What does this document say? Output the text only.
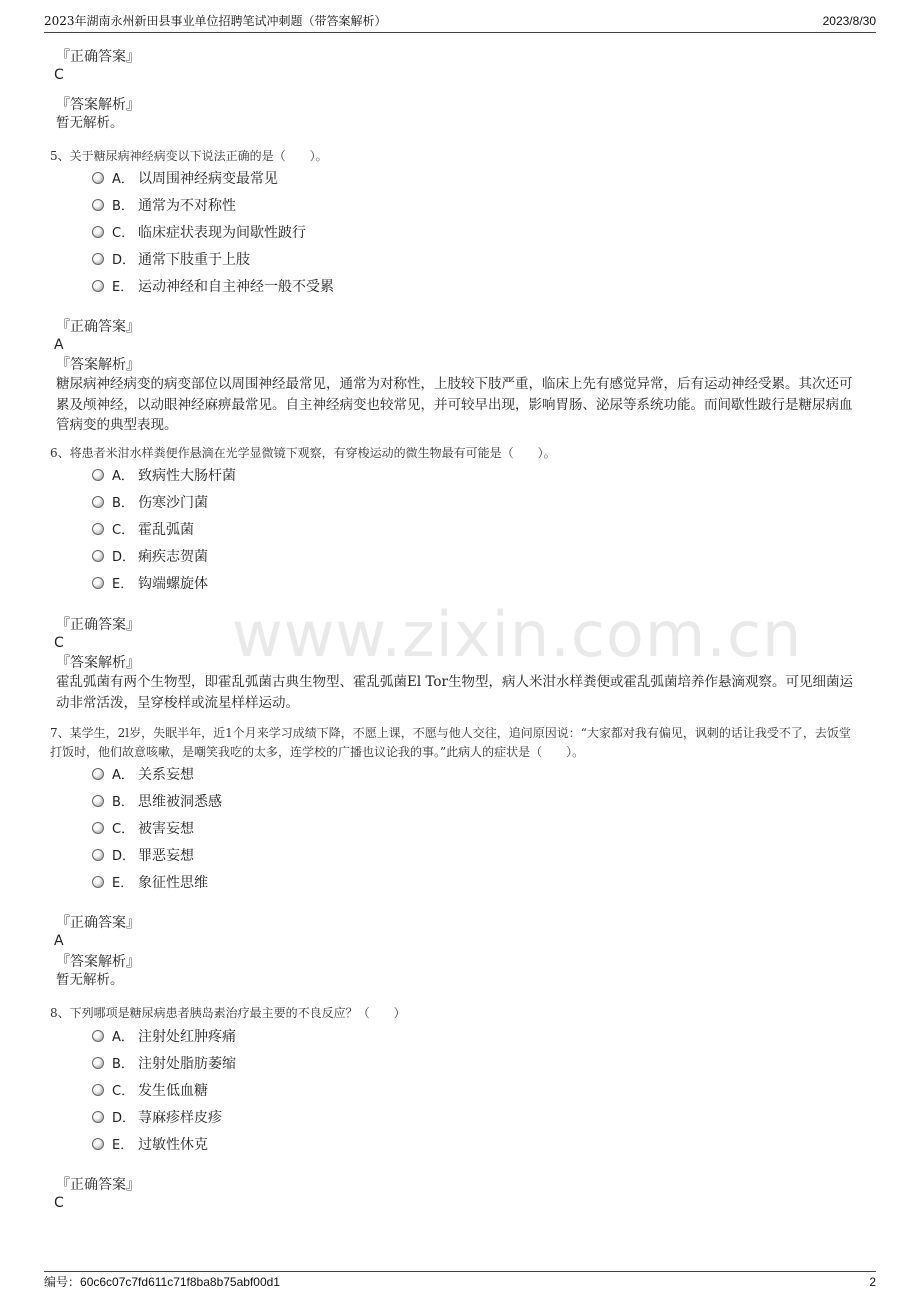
2023年湖南永州新田县事业单位招聘笔试冲刺题（带答案解析）	2023/8/30
www.zixin.com.cn
『正确答案』
C
『答案解析』
暂无解析。
5、关于糖尿病神经病变以下说法正确的是（　　）。
A． 以周围神经病变最常见
B． 通常为不对称性
C． 临床症状表现为间歇性跛行
D． 通常下肢重于上肢
E． 运动神经和自主神经一般不受累
『正确答案』
A
『答案解析』
糖尿病神经病变的病变部位以周围神经最常见，通常为对称性，上肢较下肢严重，临床上先有感觉异常，后有运动神经受累。其次还可累及颅神经，以动眼神经麻痹最常见。自主神经病变也较常见，并可较早出现，影响胃肠、泌尿等系统功能。而间歇性跛行是糖尿病血管病变的典型表现。
6、将患者米泔水样粪便作悬滴在光学显微镜下观察，有穿梭运动的微生物最有可能是（　　）。
A． 致病性大肠杆菌
B． 伤寒沙门菌
C． 霍乱弧菌
D． 痢疾志贺菌
E． 钩端螺旋体
『正确答案』
C
『答案解析』
霍乱弧菌有两个生物型，即霍乱弧菌古典生物型、霍乱弧菌El Tor生物型，病人米泔水样粪便或霍乱弧菌培养作悬滴观察。可见细菌运动非常活泼，呈穿梭样或流星样样运动。
7、某学生，2l岁，失眠半年，近1个月来学习成绩下降，不愿上课，不愿与他人交往，追问原因说：“大家都对我有偏见，讽刺的话让我受不了，去饭堂打饭时，他们故意咳嗽，是嘲笑我吃的太多，连学校的广播也议论我的事。”此病人的症状是（　　）。
A． 关系妄想
B． 思维被洞悉感
C． 被害妄想
D． 罪恶妄想
E． 象征性思维
『正确答案』
A
『答案解析』
暂无解析。
8、下列哪项是糖尿病患者胰岛素治疗最主要的不良反应？（　　）
A． 注射处红肿疼痛
B． 注射处脂肪萎缩
C． 发生低血糖
D． 荨麻疹样皮疹
E． 过敏性休克
『正确答案』
C
编号：60c6c07c7fd611c71f8ba8b75abf00d1	2
